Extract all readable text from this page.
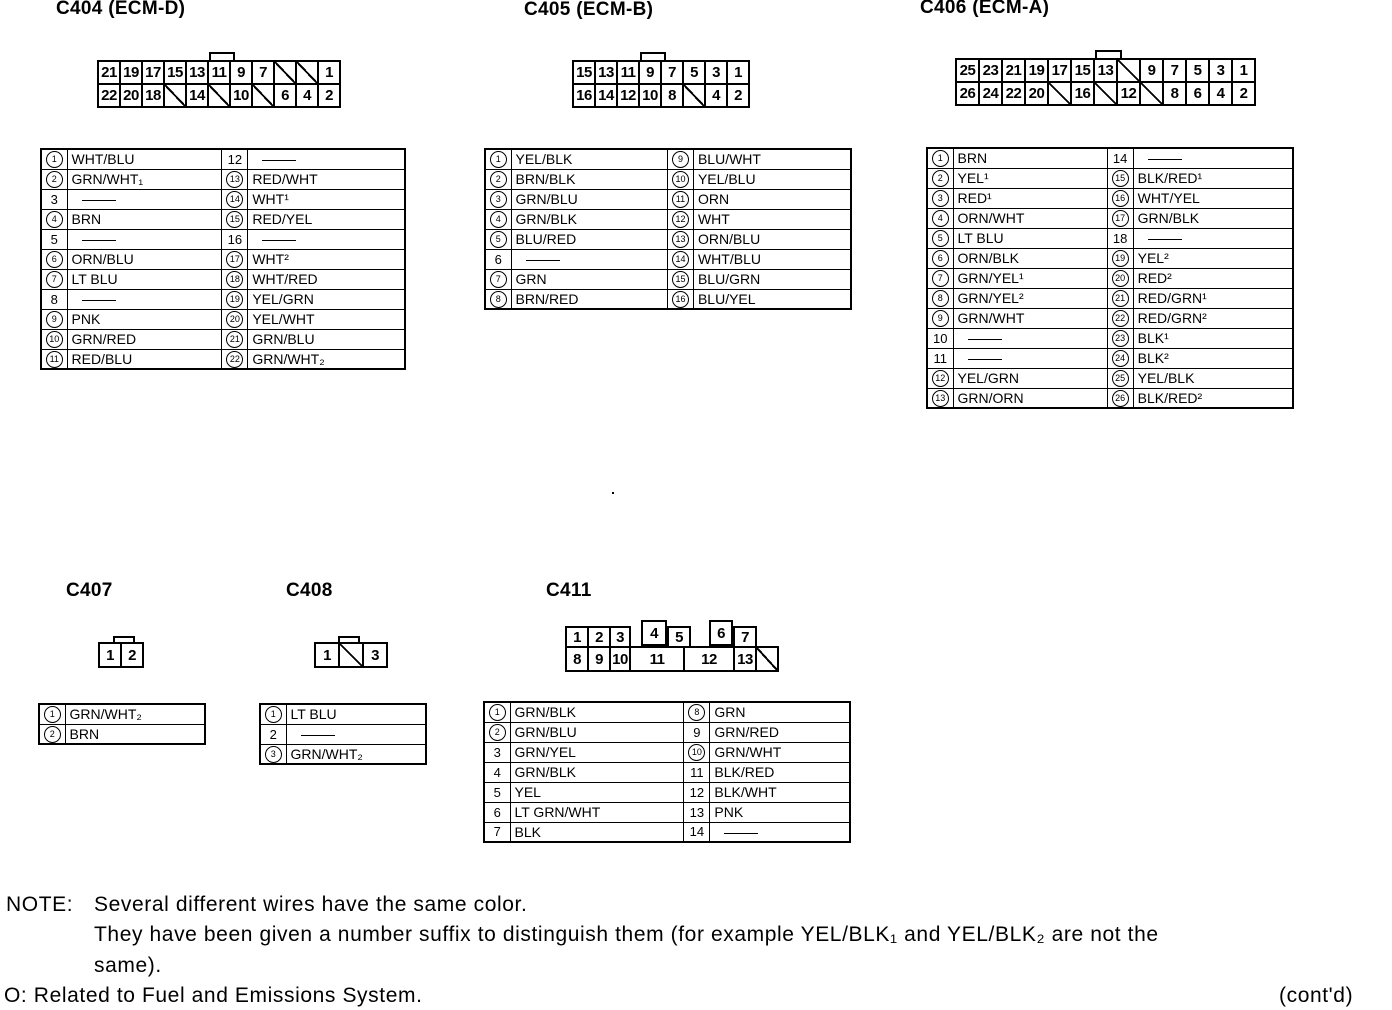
C404 (ECM-D)	C405 (ECM-B)	C406 (ECM-A)
C407	C408	C411
21 19 17 15 13 11 9 7	1
22 20 18 14 10	6 4 2
15 13 11 9 7 5 3 1
16 14 12 10 8	4 2
25 23 21 19 17 15 13	9	7	5	3	1
26 24 22 20	16	12	8	6	4	2
1 2	1	3
1 2 3	4	5	6	7
8 9 10	11	12	13
1	WHT/BLU	12	
2	GRN/WHT₁	13	RED/WHT
3		14	WHT¹
4	BRN	15	RED/YEL
5		16	
6	ORN/BLU	17	WHT²
7	LT BLU	18	WHT/RED
8		19	YEL/GRN
9	PNK	20	YEL/WHT
10	GRN/RED	21	GRN/BLU
11	RED/BLU	22	GRN/WHT₂
1	YEL/BLK	9	BLU/WHT
2	BRN/BLK	10	YEL/BLU
3	GRN/BLU	11	ORN
4	GRN/BLK	12	WHT
5	BLU/RED	13	ORN/BLU
6		14	WHT/BLU
7	GRN	15	BLU/GRN
8	BRN/RED	16	BLU/YEL
1	BRN	14	
2	YEL¹	15	BLK/RED¹
3	RED¹	16	WHT/YEL
4	ORN/WHT	17	GRN/BLK
5	LT BLU	18	
6	ORN/BLK	19	YEL²
7	GRN/YEL¹	20	RED²
8	GRN/YEL²	21	RED/GRN¹
9	GRN/WHT	22	RED/GRN²
10		23	BLK¹
11		24	BLK²
12	YEL/GRN	25	YEL/BLK
13	GRN/ORN	26	BLK/RED²
1	GRN/WHT₂
2	BRN
1	LT BLU
2	
3	GRN/WHT₂
1	GRN/BLK	8	GRN
2	GRN/BLU	9	GRN/RED
3	GRN/YEL	10	GRN/WHT
4	GRN/BLK	11	BLK/RED
5	YEL	12	BLK/WHT
6	LT GRN/WHT	13	PNK
7	BLK	14	
NOTE: Several different wires have the same color.
They have been given a number suffix to distinguish them (for example YEL/BLK₁ and YEL/BLK₂ are not the
same).
O: Related to Fuel and Emissions System.	(cont'd)
